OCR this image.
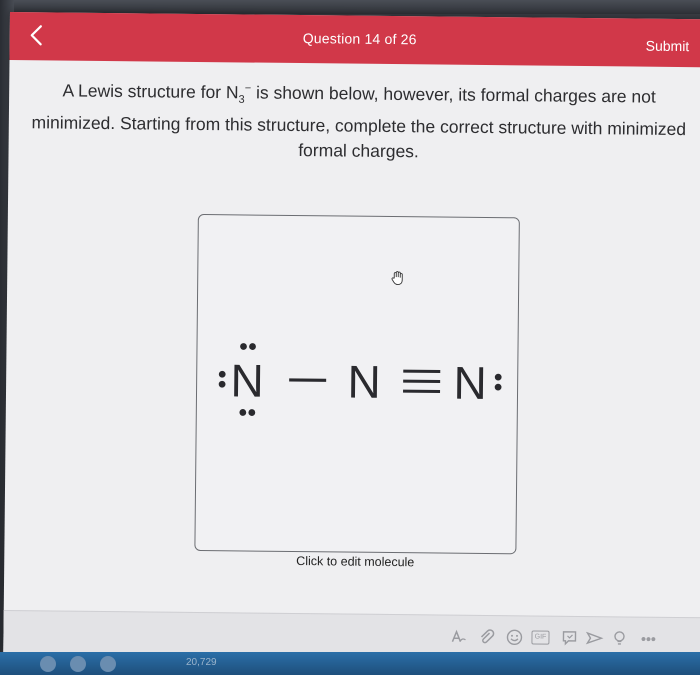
Question 14 of 26	Submit
A Lewis structure for $N_3^-$ is shown below, however, its formal charges are not minimized. Starting from this structure, complete the correct structure with minimized formal charges.
N N N
Click to edit molecule
GIF	•••
20,729
